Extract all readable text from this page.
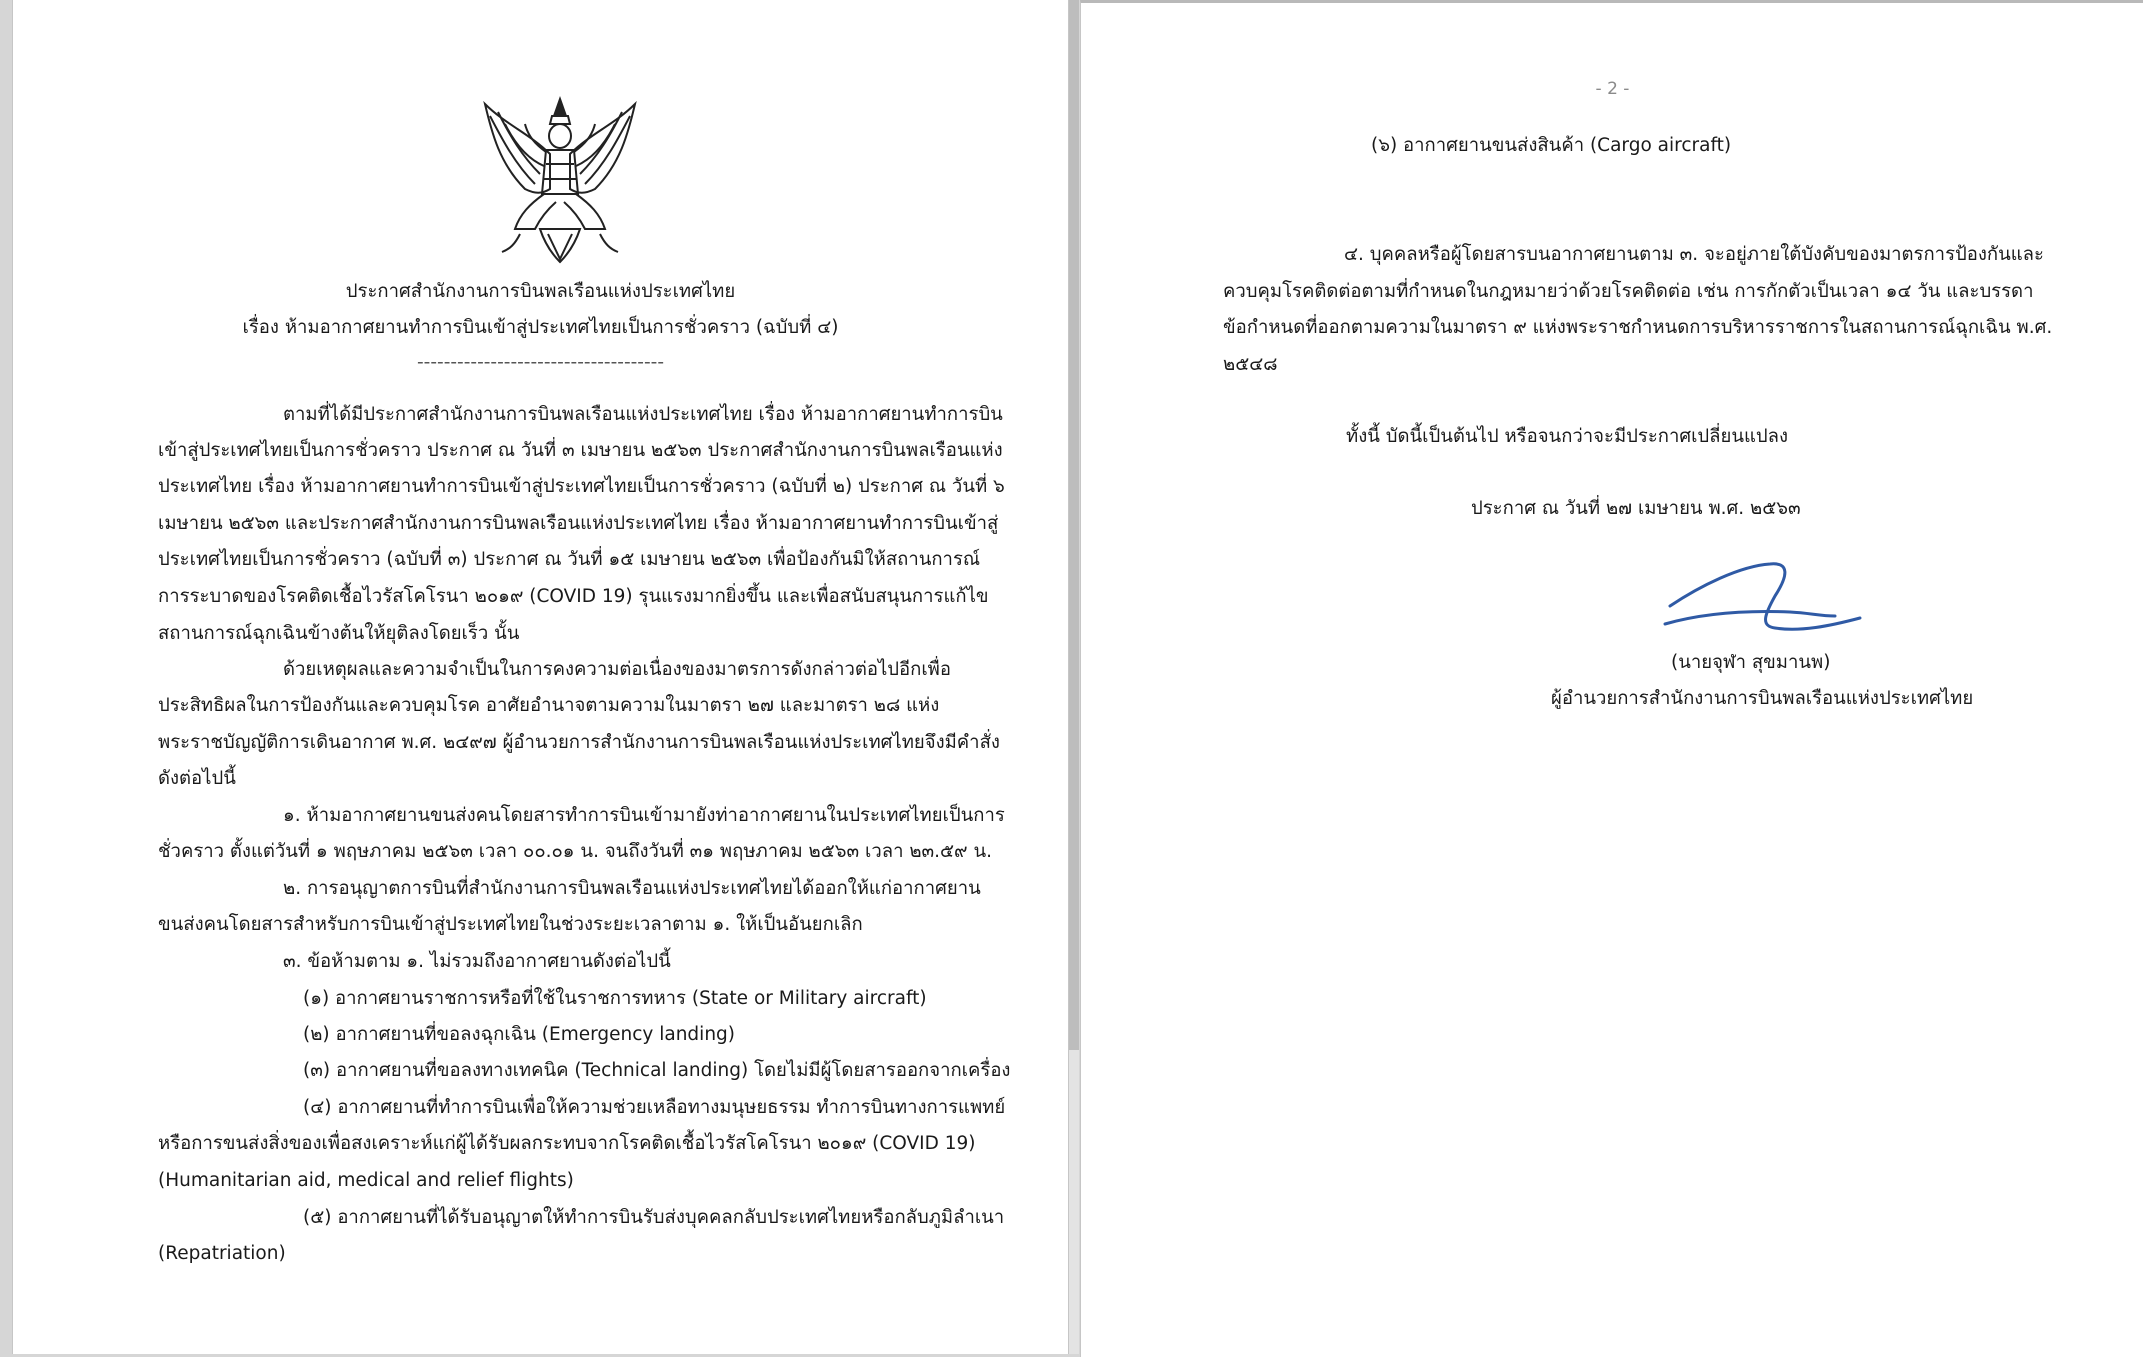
ประกาศสำนักงานการบินพลเรือนแห่งประเทศไทย
เรื่อง ห้ามอากาศยานทำการบินเข้าสู่ประเทศไทยเป็นการชั่วคราว (ฉบับที่ ๔)
-------------------------------------
ตามที่ได้มีประกาศสำนักงานการบินพลเรือนแห่งประเทศไทย เรื่อง ห้ามอากาศยานทำการบิน
เข้าสู่ประเทศไทยเป็นการชั่วคราว ประกาศ ณ วันที่ ๓ เมษายน ๒๕๖๓ ประกาศสำนักงานการบินพลเรือนแห่ง
ประเทศไทย เรื่อง ห้ามอากาศยานทำการบินเข้าสู่ประเทศไทยเป็นการชั่วคราว (ฉบับที่ ๒) ประกาศ ณ วันที่ ๖
เมษายน ๒๕๖๓ และประกาศสำนักงานการบินพลเรือนแห่งประเทศไทย เรื่อง ห้ามอากาศยานทำการบินเข้าสู่
ประเทศไทยเป็นการชั่วคราว (ฉบับที่ ๓) ประกาศ ณ วันที่ ๑๕ เมษายน ๒๕๖๓ เพื่อป้องกันมิให้สถานการณ์
การระบาดของโรคติดเชื้อไวรัสโคโรนา ๒๐๑๙ (COVID 19) รุนแรงมากยิ่งขึ้น และเพื่อสนับสนุนการแก้ไข
สถานการณ์ฉุกเฉินข้างต้นให้ยุติลงโดยเร็ว นั้น
ด้วยเหตุผลและความจำเป็นในการคงความต่อเนื่องของมาตรการดังกล่าวต่อไปอีกเพื่อ
ประสิทธิผลในการป้องกันและควบคุมโรค อาศัยอำนาจตามความในมาตรา ๒๗ และมาตรา ๒๘ แห่ง
พระราชบัญญัติการเดินอากาศ พ.ศ. ๒๔๙๗ ผู้อำนวยการสำนักงานการบินพลเรือนแห่งประเทศไทยจึงมีคำสั่ง
ดังต่อไปนี้
๑. ห้ามอากาศยานขนส่งคนโดยสารทำการบินเข้ามายังท่าอากาศยานในประเทศไทยเป็นการ
ชั่วคราว ตั้งแต่วันที่ ๑ พฤษภาคม ๒๕๖๓ เวลา ๐๐.๐๑ น. จนถึงวันที่ ๓๑ พฤษภาคม ๒๕๖๓ เวลา ๒๓.๕๙ น.
๒. การอนุญาตการบินที่สำนักงานการบินพลเรือนแห่งประเทศไทยได้ออกให้แก่อากาศยาน
ขนส่งคนโดยสารสำหรับการบินเข้าสู่ประเทศไทยในช่วงระยะเวลาตาม ๑. ให้เป็นอันยกเลิก
๓. ข้อห้ามตาม ๑. ไม่รวมถึงอากาศยานดังต่อไปนี้
(๑) อากาศยานราชการหรือที่ใช้ในราชการทหาร (State or Military aircraft)
(๒) อากาศยานที่ขอลงฉุกเฉิน (Emergency landing)
(๓) อากาศยานที่ขอลงทางเทคนิค (Technical landing) โดยไม่มีผู้โดยสารออกจากเครื่อง
(๔) อากาศยานที่ทำการบินเพื่อให้ความช่วยเหลือทางมนุษยธรรม ทำการบินทางการแพทย์
หรือการขนส่งสิ่งของเพื่อสงเคราะห์แก่ผู้ได้รับผลกระทบจากโรคติดเชื้อไวรัสโคโรนา ๒๐๑๙ (COVID 19)
(Humanitarian aid, medical and relief flights)
(๕) อากาศยานที่ได้รับอนุญาตให้ทำการบินรับส่งบุคคลกลับประเทศไทยหรือกลับภูมิลำเนา
(Repatriation)
- 2 -
(๖) อากาศยานขนส่งสินค้า (Cargo aircraft)
๔. บุคคลหรือผู้โดยสารบนอากาศยานตาม ๓. จะอยู่ภายใต้บังคับของมาตรการป้องกันและ
ควบคุมโรคติดต่อตามที่กำหนดในกฎหมายว่าด้วยโรคติดต่อ เช่น การกักตัวเป็นเวลา ๑๔ วัน และบรรดา
ข้อกำหนดที่ออกตามความในมาตรา ๙ แห่งพระราชกำหนดการบริหารราชการในสถานการณ์ฉุกเฉิน พ.ศ.
๒๕๔๘
ทั้งนี้ บัดนี้เป็นต้นไป หรือจนกว่าจะมีประกาศเปลี่ยนแปลง
ประกาศ ณ วันที่ ๒๗ เมษายน พ.ศ. ๒๕๖๓
(นายจุฬา สุขมานพ)
ผู้อำนวยการสำนักงานการบินพลเรือนแห่งประเทศไทย
